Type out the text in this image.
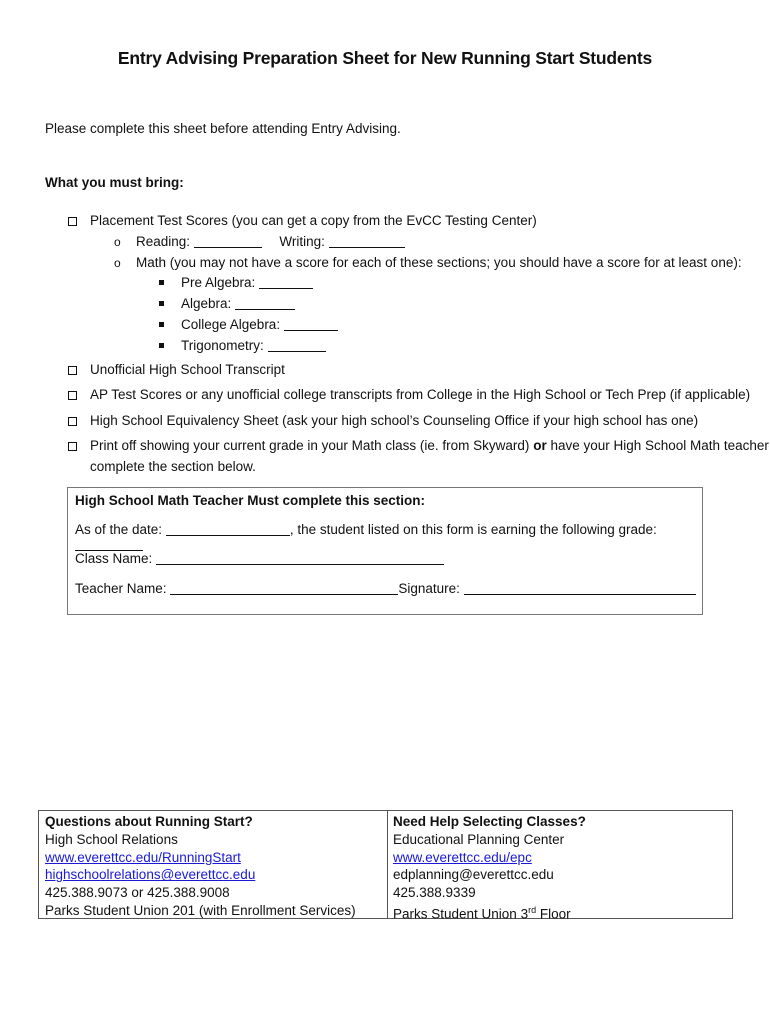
Entry Advising Preparation Sheet for New Running Start Students
Please complete this sheet before attending Entry Advising.
What you must bring:
Placement Test Scores (you can get a copy from the EvCC Testing Center)
o Reading:	Writing:
o Math (you may not have a score for each of these sections; you should have a score for at least one):
Pre Algebra:
Algebra:
College Algebra:
Trigonometry:
Unofficial High School Transcript
AP Test Scores or any unofficial college transcripts from College in the High School or Tech Prep (if applicable)
High School Equivalency Sheet (ask your high school’s Counseling Office if your high school has one)
Print off showing your current grade in your Math class (ie. from Skyward) or have your High School Math teacher
complete the section below.
High School Math Teacher Must complete this section:
As of the date:	, the student listed on this form is earning the following grade:
Class Name:
Teacher Name:	Signature:
Questions about Running Start?
High School Relations
www.everettcc.edu/RunningStart
highschoolrelations@everettcc.edu
425.388.9073 or 425.388.9008
Parks Student Union 201 (with Enrollment Services)
Need Help Selecting Classes?
Educational Planning Center
www.everettcc.edu/epc
edplanning@everettcc.edu
425.388.9339
Parks Student Union 3rd Floor
